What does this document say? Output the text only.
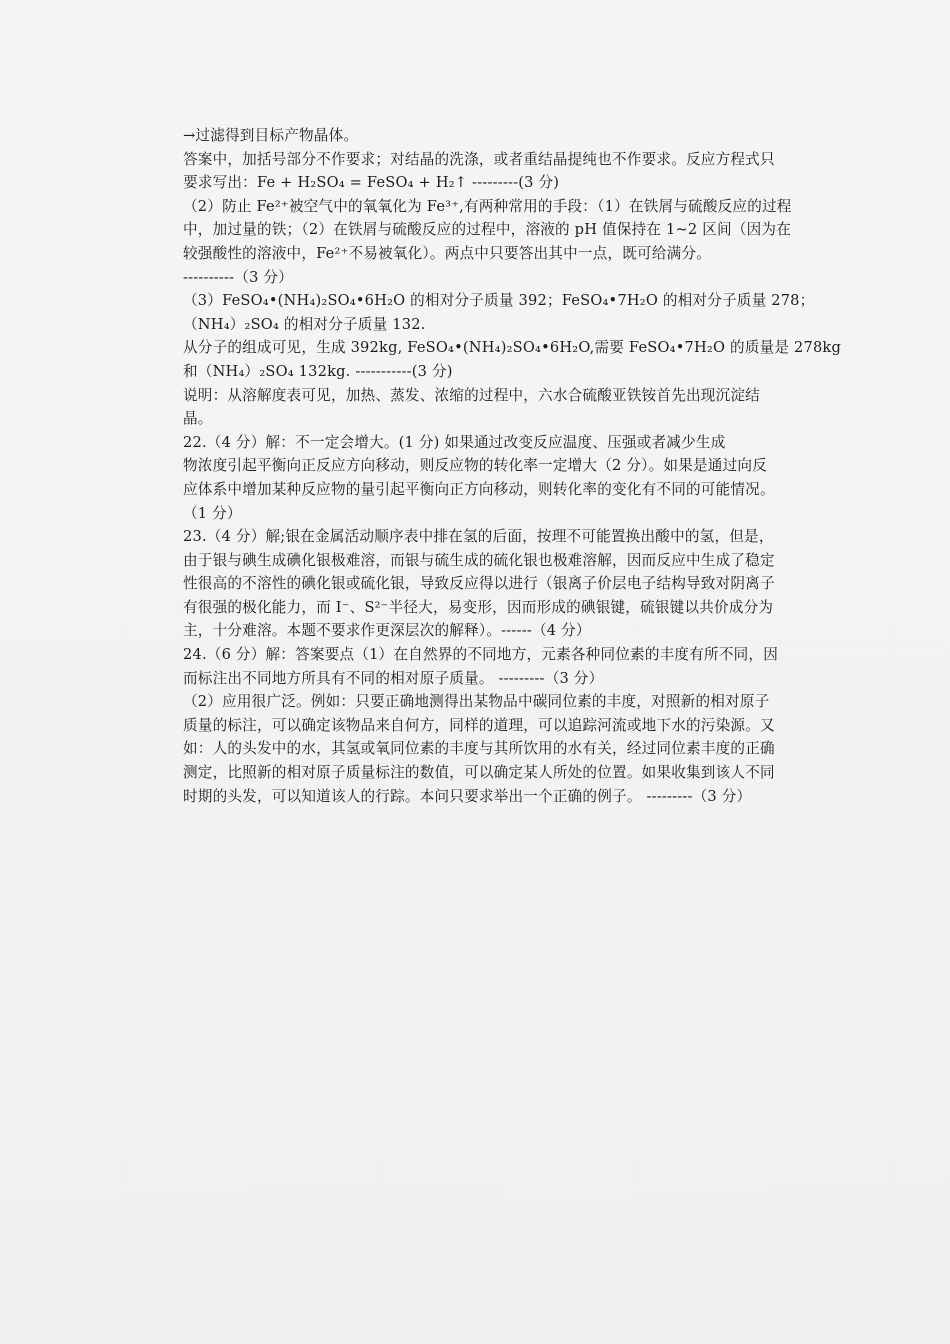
→过滤得到目标产物晶体。
答案中，加括号部分不作要求；对结晶的洗涤，或者重结晶提纯也不作要求。反应方程式只
要求写出：Fe + H₂SO₄ = FeSO₄ + H₂↑ ---------(3 分)
（2）防止 Fe²⁺被空气中的氧氧化为 Fe³⁺,有两种常用的手段：（1）在铁屑与硫酸反应的过程
中，加过量的铁；（2）在铁屑与硫酸反应的过程中，溶液的 pH 值保持在 1~2 区间（因为在
较强酸性的溶液中，Fe²⁺不易被氧化）。两点中只要答出其中一点，既可给满分。
----------（3 分）
（3）FeSO₄•(NH₄)₂SO₄•6H₂O 的相对分子质量 392；FeSO₄•7H₂O 的相对分子质量 278；
（NH₄）₂SO₄ 的相对分子质量 132.
从分子的组成可见，生成 392kg, FeSO₄•(NH₄)₂SO₄•6H₂O,需要 FeSO₄•7H₂O 的质量是 278kg
和（NH₄）₂SO₄ 132kg. -----------(3 分)
说明：从溶解度表可见，加热、蒸发、浓缩的过程中，六水合硫酸亚铁铵首先出现沉淀结
晶。
22.（4 分）解：不一定会增大。(1 分) 如果通过改变反应温度、压强或者减少生成
物浓度引起平衡向正反应方向移动，则反应物的转化率一定增大（2 分）。如果是通过向反
应体系中增加某种反应物的量引起平衡向正方向移动，则转化率的变化有不同的可能情况。
（1 分）
23.（4 分）解;银在金属活动顺序表中排在氢的后面，按理不可能置换出酸中的氢，但是，
由于银与碘生成碘化银极难溶，而银与硫生成的硫化银也极难溶解，因而反应中生成了稳定
性很高的不溶性的碘化银或硫化银，导致反应得以进行（银离子价层电子结构导致对阴离子
有很强的极化能力，而 I⁻、S²⁻半径大，易变形，因而形成的碘银键，硫银键以共价成分为
主，十分难溶。本题不要求作更深层次的解释）。------（4 分）
24.（6 分）解：答案要点（1）在自然界的不同地方，元素各种同位素的丰度有所不同，因
而标注出不同地方所具有不同的相对原子质量。 ---------（3 分）
（2）应用很广泛。例如：只要正确地测得出某物品中碳同位素的丰度，对照新的相对原子
质量的标注，可以确定该物品来自何方，同样的道理，可以追踪河流或地下水的污染源。又
如：人的头发中的水，其氢或氧同位素的丰度与其所饮用的水有关，经过同位素丰度的正确
测定，比照新的相对原子质量标注的数值，可以确定某人所处的位置。如果收集到该人不同
时期的头发，可以知道该人的行踪。本问只要求举出一个正确的例子。 ---------（3 分）
